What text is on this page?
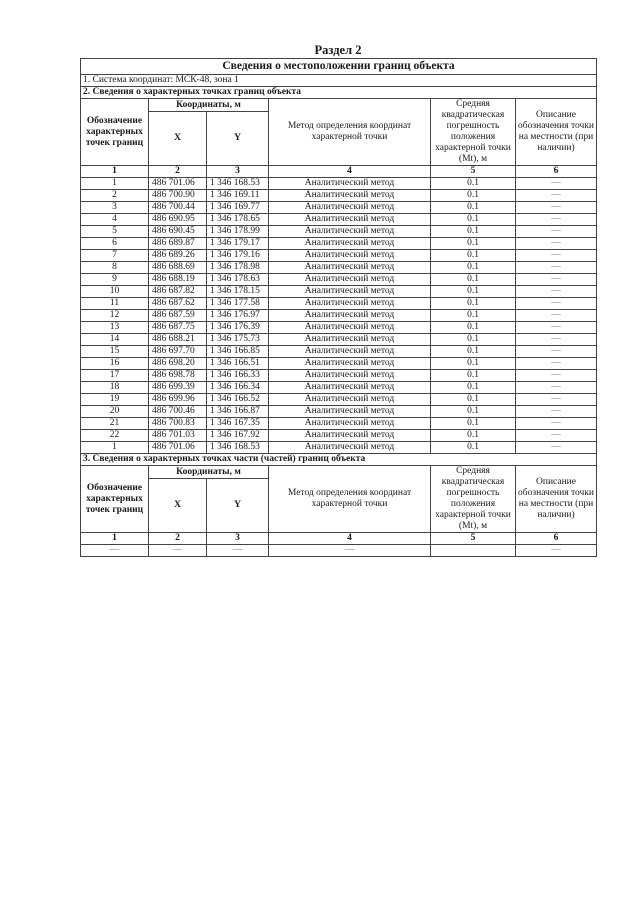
Раздел 2
Сведения о местоположении границ объекта					
1. Система координат: МСК-48, зона 1					
2. Сведения о характерных точках границ объекта					
Обозначение характерных точек границ	Координаты, м		Метод определения координат характерной точки	Средняя квадратическая погрешность положения характерной точки (Mt), м	Описание обозначения точки на местности (при наличии)
	X	Y			
1	2	3	4	5	6
1	486 701.06	1 346 168.53	Аналитический метод	0.1	—
2	486 700.90	1 346 169.11	Аналитический метод	0.1	—
3	486 700.44	1 346 169.77	Аналитический метод	0.1	—
4	486 690.95	1 346 178.65	Аналитический метод	0.1	—
5	486 690.45	1 346 178.99	Аналитический метод	0.1	—
6	486 689.87	1 346 179.17	Аналитический метод	0.1	—
7	486 689.26	1 346 179.16	Аналитический метод	0.1	—
8	486 688.69	1 346 178.98	Аналитический метод	0.1	—
9	486 688.19	1 346 178.63	Аналитический метод	0.1	—
10	486 687.82	1 346 178.15	Аналитический метод	0.1	—
11	486 687.62	1 346 177.58	Аналитический метод	0.1	—
12	486 687.59	1 346 176.97	Аналитический метод	0.1	—
13	486 687.75	1 346 176.39	Аналитический метод	0.1	—
14	486 688.21	1 346 175.73	Аналитический метод	0.1	—
15	486 697.70	1 346 166.85	Аналитический метод	0.1	—
16	486 698.20	1 346 166.51	Аналитический метод	0.1	—
17	486 698.78	1 346 166.33	Аналитический метод	0.1	—
18	486 699.39	1 346 166.34	Аналитический метод	0.1	—
19	486 699.96	1 346 166.52	Аналитический метод	0.1	—
20	486 700.46	1 346 166.87	Аналитический метод	0.1	—
21	486 700.83	1 346 167.35	Аналитический метод	0.1	—
22	486 701.03	1 346 167.92	Аналитический метод	0.1	—
1	486 701.06	1 346 168.53	Аналитический метод	0.1	—
3. Сведения о характерных точках части (частей) границ объекта					
Обозначение характерных точек границ	Координаты, м		Метод определения координат характерной точки	Средняя квадратическая погрешность положения характерной точки (Mt), м	Описание обозначения точки на местности (при наличии)
	X	Y			
1	2	3	4	5	6
—	—	—	—		—
